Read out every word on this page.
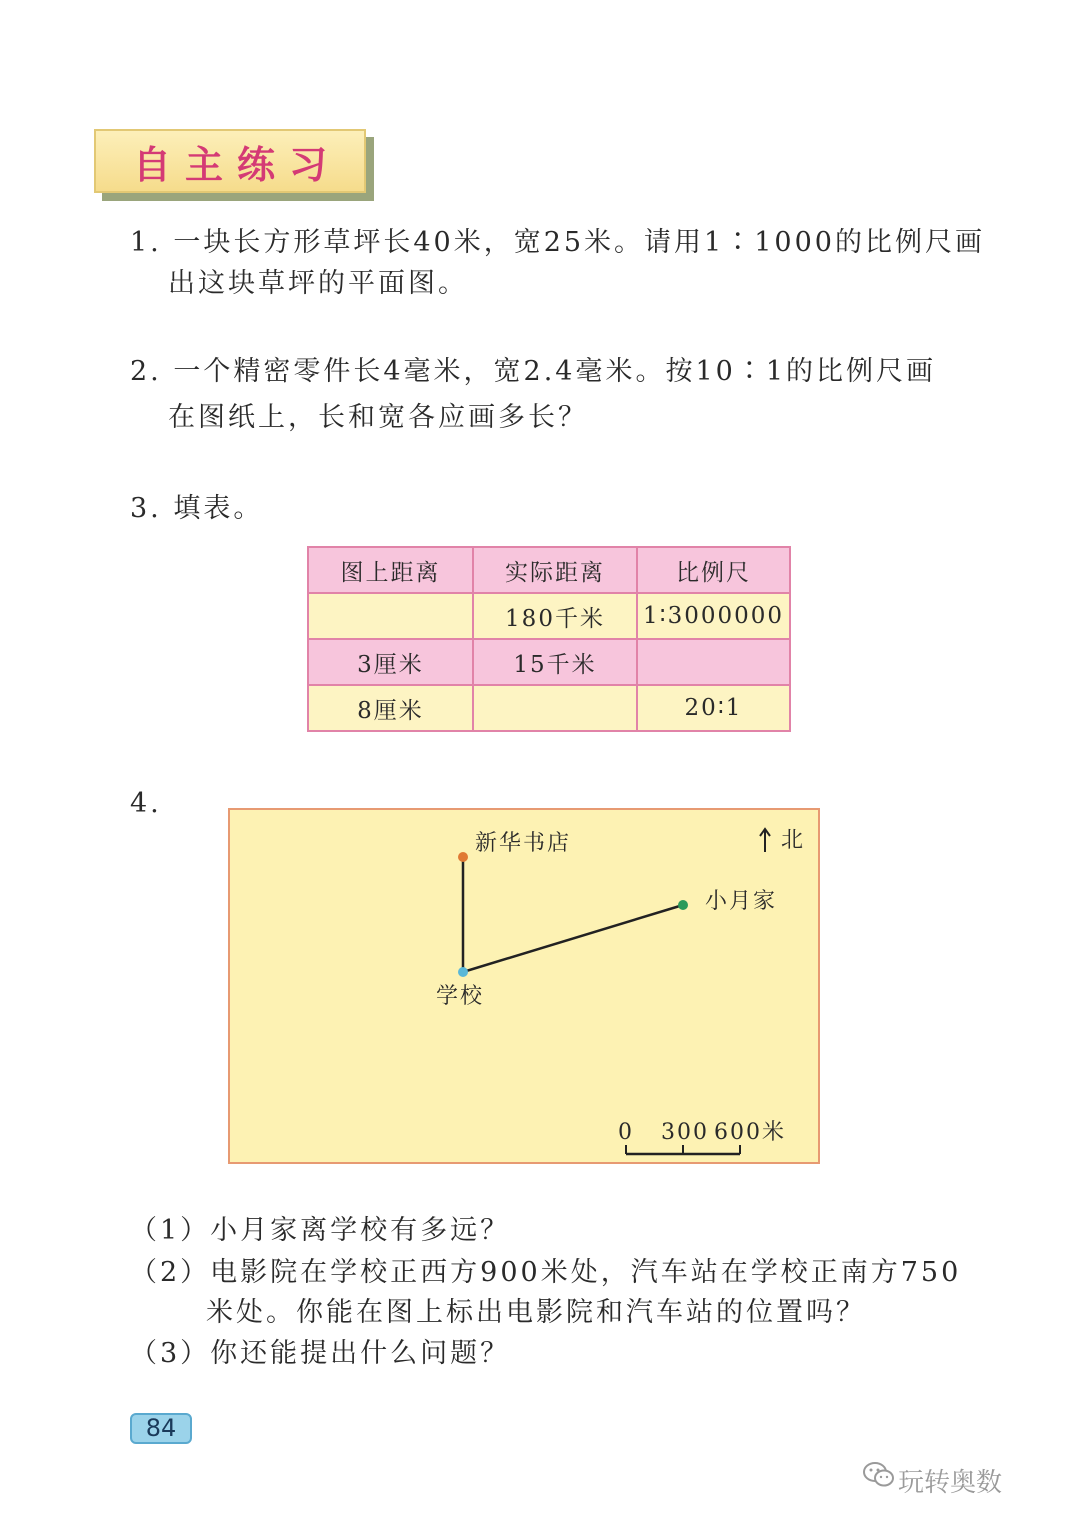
自主练习
1. 一块长方形草坪长40米，宽25米。请用1∶1000的比例尺画
出这块草坪的平面图。
2. 一个精密零件长4毫米，宽2.4毫米。按10∶1的比例尺画
在图纸上，长和宽各应画多长？
3. 填表。
图上距离	实际距离	比例尺
	180千米	1∶3000000
3厘米	15千米	
8厘米		20∶1
4.
新华书店
小月家
学校
北
0 300 600米
（1）小月家离学校有多远？
（2）电影院在学校正西方900米处，汽车站在学校正南方750
米处。你能在图上标出电影院和汽车站的位置吗？
（3）你还能提出什么问题？
84
玩转奥数
